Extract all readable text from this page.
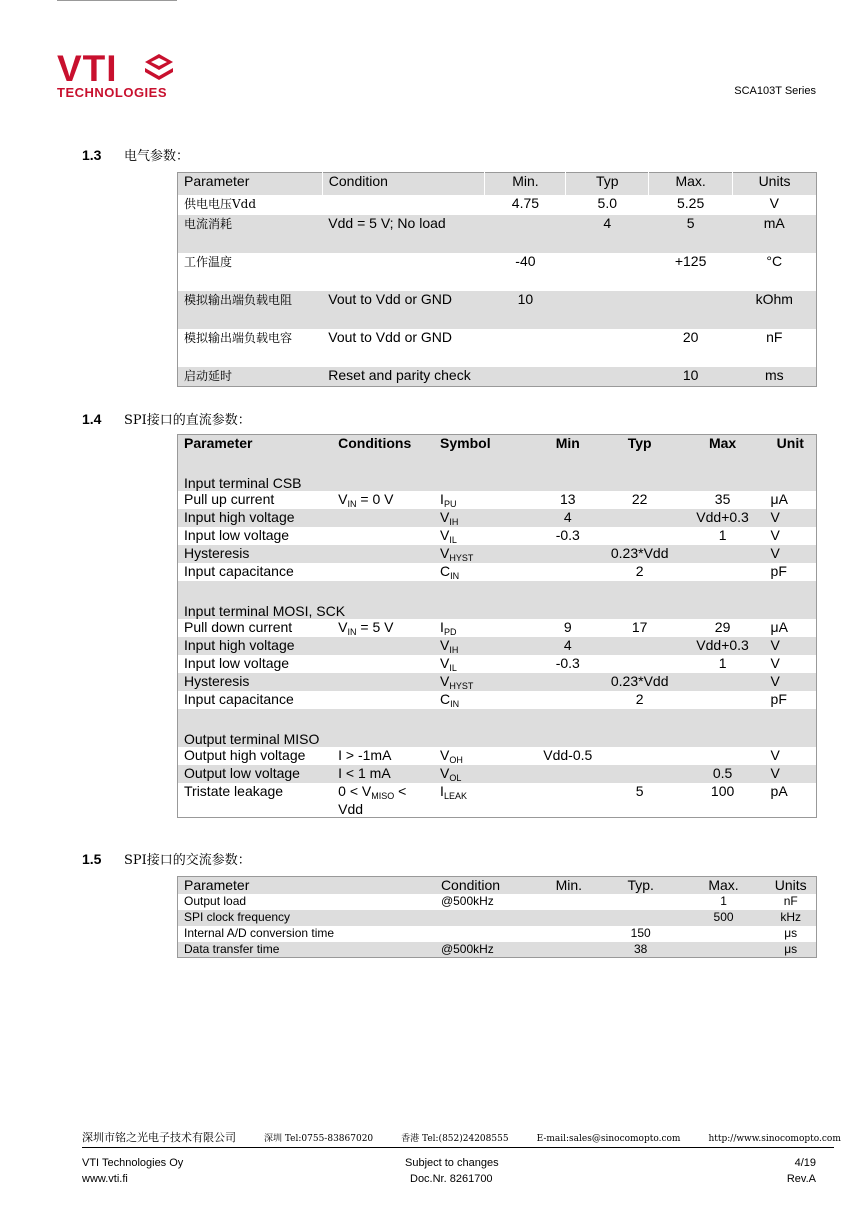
VTI
TECHNOLOGIES	SCA103T Series
1.3 电气参数：
Parameter	Condition	Min.	Typ	Max.	Units
供电电压Vdd		4.75	5.0	5.25	V
电流消耗	Vdd = 5 V; No load		4	5	mA
工作温度		-40		+125	°C
模拟输出端负载电阻	Vout to Vdd or GND	10			kOhm
模拟输出端负载电容	Vout to Vdd or GND			20	nF
启动延时	Reset and parity check			10	ms
1.4 SPI接口的直流参数：
Parameter	Conditions	Symbol	Min	Typ	Max	Unit
Input terminal CSB						
Pull up current	$V_{IN} = 0$ V	$I_{PU}$	13	22	35	μA
Input high voltage		$V_{IH}$	4		Vdd+0.3	V
Input low voltage		$V_{IL}$	-0.3		1	V
Hysteresis		$V_{HYST}$		0.23*Vdd		V
Input capacitance		$C_{IN}$		2		pF
Input terminal MOSI, SCK						
Pull down current	$V_{IN} = 5$ V	$I_{PD}$	9	17	29	μA
Input high voltage		$V_{IH}$	4		Vdd+0.3	V
Input low voltage		$V_{IL}$	-0.3		1	V
Hysteresis		$V_{HYST}$		0.23*Vdd		V
Input capacitance		$C_{IN}$		2		pF
Output terminal MISO						
Output high voltage	I > -1mA	$V_{OH}$	Vdd-0.5			V
Output low voltage	I < 1 mA	$V_{OL}$			0.5	V
Tristate leakage	$0 < V_{MISO}$ < Vdd	$I_{LEAK}$		5	100	pA
1.5 SPI接口的交流参数：
Parameter	Condition	Min.	Typ.	Max.	Units
Output load	@500kHz			1	nF
SPI clock frequency				500	kHz
Internal A/D conversion time			150		μs
Data transfer time	@500kHz		38		μs
深圳市铭之光电子技术有限公司	深圳 Tel:0755-83867020	香港 Tel:(852)24208555	E-mail:sales@sinocomopto.com	http://www.sinocomopto.com
VTI Technologies Oy
www.vti.fi
Subject to changes
Doc.Nr. 8261700
4/19
Rev.A
